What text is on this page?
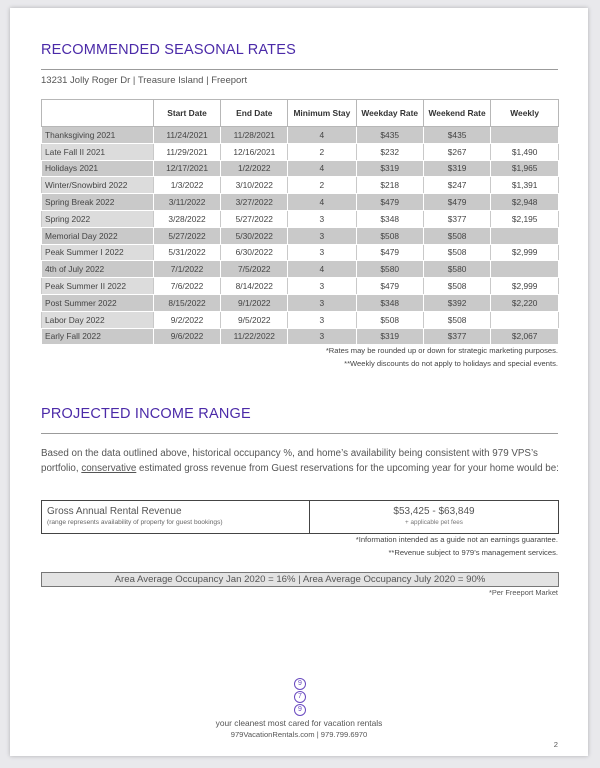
RECOMMENDED SEASONAL RATES
13231 Jolly Roger Dr | Treasure Island | Freeport
	Start Date	End Date	Minimum Stay	Weekday Rate	Weekend Rate	Weekly
Thanksgiving 2021	11/24/2021	11/28/2021	4	$435	$435	
Late Fall II 2021	11/29/2021	12/16/2021	2	$232	$267	$1,490
Holidays 2021	12/17/2021	1/2/2022	4	$319	$319	$1,965
Winter/Snowbird 2022	1/3/2022	3/10/2022	2	$218	$247	$1,391
Spring Break 2022	3/11/2022	3/27/2022	4	$479	$479	$2,948
Spring 2022	3/28/2022	5/27/2022	3	$348	$377	$2,195
Memorial Day 2022	5/27/2022	5/30/2022	3	$508	$508	
Peak Summer I 2022	5/31/2022	6/30/2022	3	$479	$508	$2,999
4th of July 2022	7/1/2022	7/5/2022	4	$580	$580	
Peak Summer II 2022	7/6/2022	8/14/2022	3	$479	$508	$2,999
Post Summer 2022	8/15/2022	9/1/2022	3	$348	$392	$2,220
Labor Day 2022	9/2/2022	9/5/2022	3	$508	$508	
Early Fall 2022	9/6/2022	11/22/2022	3	$319	$377	$2,067
*Rates may be rounded up or down for strategic marketing purposes.
**Weekly discounts do not apply to holidays and special events.
PROJECTED INCOME RANGE
Based on the data outlined above, historical occupancy %, and home’s availability being consistent with 979 VPS’s portfolio, conservative estimated gross revenue from Guest reservations for the upcoming year for your home would be:
Gross Annual Rental Revenue
(range represents availability of property for guest bookings)
$53,425 - $63,849
+ applicable pet fees
*Information intended as a guide not an earnings guarantee.
**Revenue subject to 979’s management services.
Area Average Occupancy Jan 2020 = 16% | Area Average Occupancy July 2020 = 90%
*Per Freeport Market
9
7
9
your cleanest most cared for vacation rentals
979VacationRentals.com | 979.799.6970
2
